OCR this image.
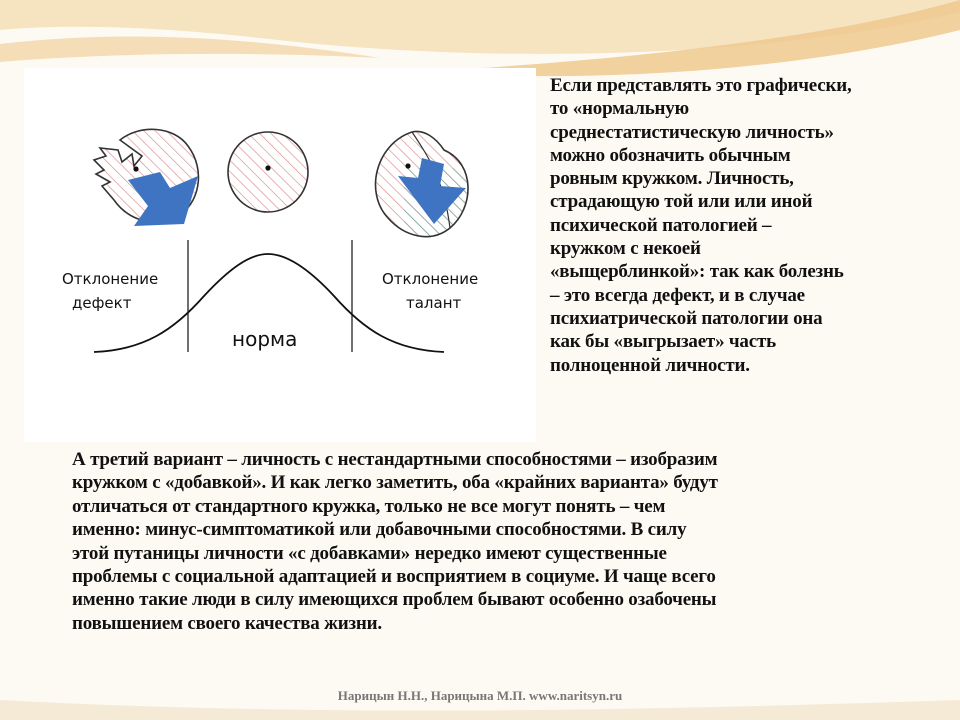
Отклонение
дефект
Отклонение
талант
норма
Если представлять это графически,
то «нормальную
среднестатистическую личность»
можно обозначить обычным
ровным кружком. Личность,
страдающую той или или иной
психической патологией –
кружком с некоей
«выщерблинкой»: так как болезнь
– это всегда дефект, и в случае
психиатрической патологии она
как бы «выгрызает» часть
полноценной личности.
А третий вариант – личность с нестандартными способностями – изобразим
кружком с «добавкой». И как легко заметить, оба «крайних варианта» будут
отличаться от стандартного кружка, только не все могут понять – чем
именно: минус-симптоматикой или добавочными способностями. В силу
этой путаницы личности «с добавками» нередко имеют существенные
проблемы с социальной адаптацией и восприятием в социуме. И чаще всего
именно такие люди в силу имеющихся проблем бывают особенно озабочены
повышением своего качества жизни.
Нарицын Н.Н., Нарицына М.П. www.naritsyn.ru
